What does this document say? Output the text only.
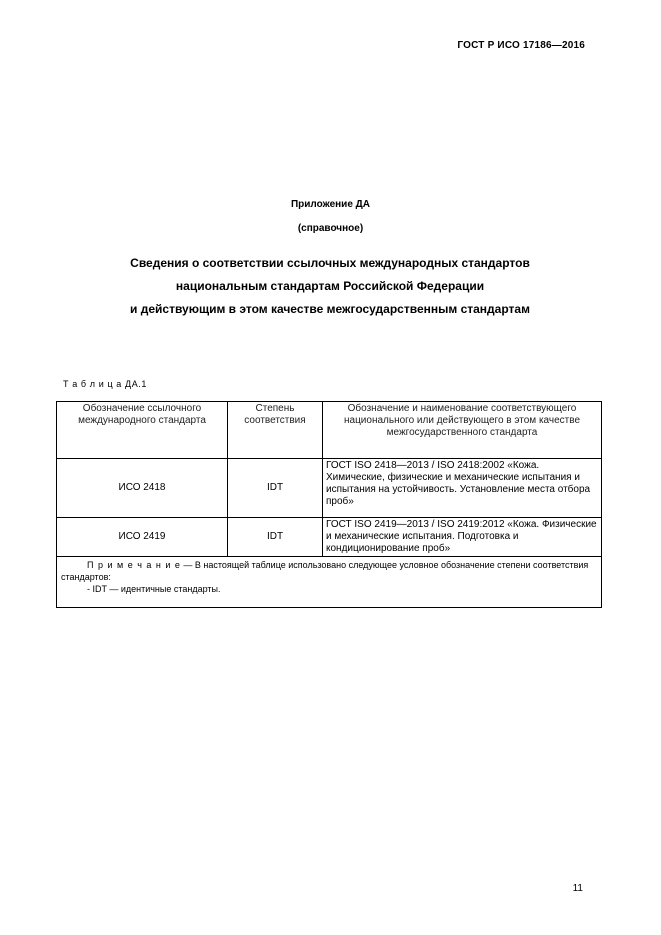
ГОСТ Р ИСО 17186—2016
Приложение ДА
(справочное)
Сведения о соответствии ссылочных международных стандартов
национальным стандартам Российской Федерации
и действующим в этом качестве межгосударственным стандартам
Т а б л и ц а ДА.1
Обозначение ссылочного международного стандарта	Степень соответствия	Обозначение и наименование соответствующего национального или действующего в этом качестве межгосударственного стандарта
ИСО 2418	IDT	ГОСТ ISO 2418—2013 / ISO 2418:2002 «Кожа. Химические, физические и механические испытания и испытания на устойчивость. Установление места отбора проб»
ИСО 2419	IDT	ГОСТ ISO 2419—2013 / ISO 2419:2012 «Кожа. Физические и механические испытания. Подготовка и кондиционирование проб»

П р и м е ч а н и е — В настоящей таблице использовано следующее условное обозначение степени соответствия стандартов:
- IDT — идентичные стандарты.		
11
